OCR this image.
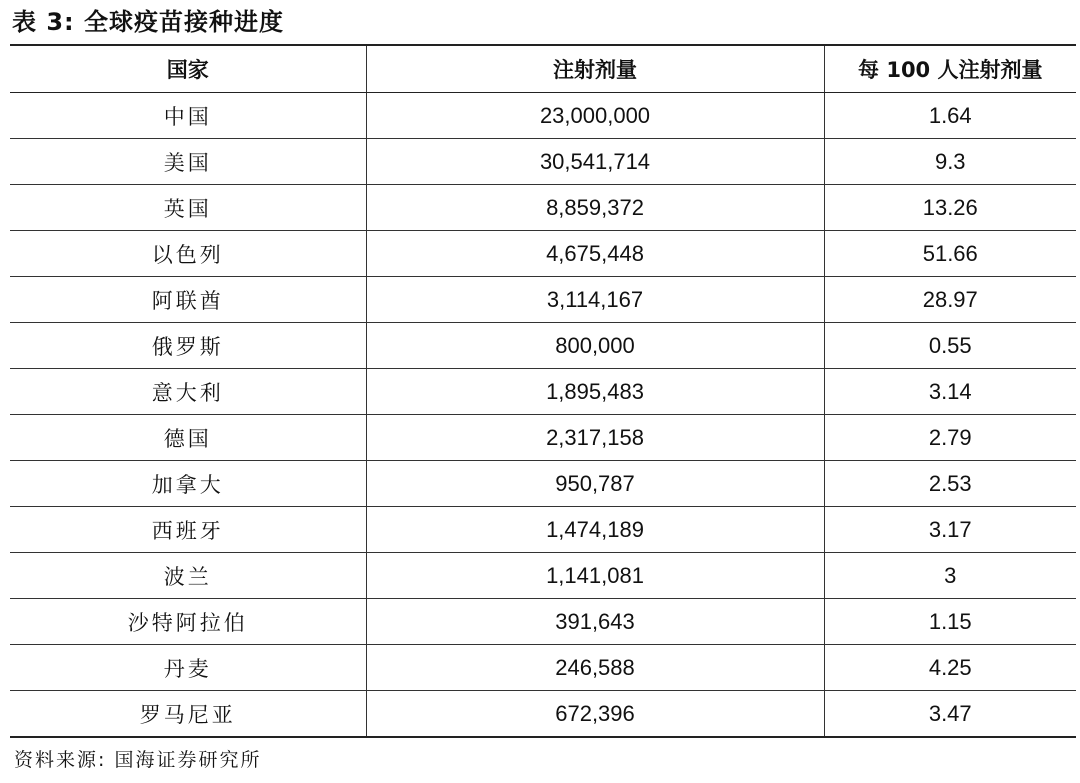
表 3: 全球疫苗接种进度
国家	注射剂量	每 100 人注射剂量
中国	23,000,000	1.64
美国	30,541,714	9.3
英国	8,859,372	13.26
以色列	4,675,448	51.66
阿联酋	3,114,167	28.97
俄罗斯	800,000	0.55
意大利	1,895,483	3.14
德国	2,317,158	2.79
加拿大	950,787	2.53
西班牙	1,474,189	3.17
波兰	1,141,081	3
沙特阿拉伯	391,643	1.15
丹麦	246,588	4.25
罗马尼亚	672,396	3.47
资料来源: 国海证券研究所
